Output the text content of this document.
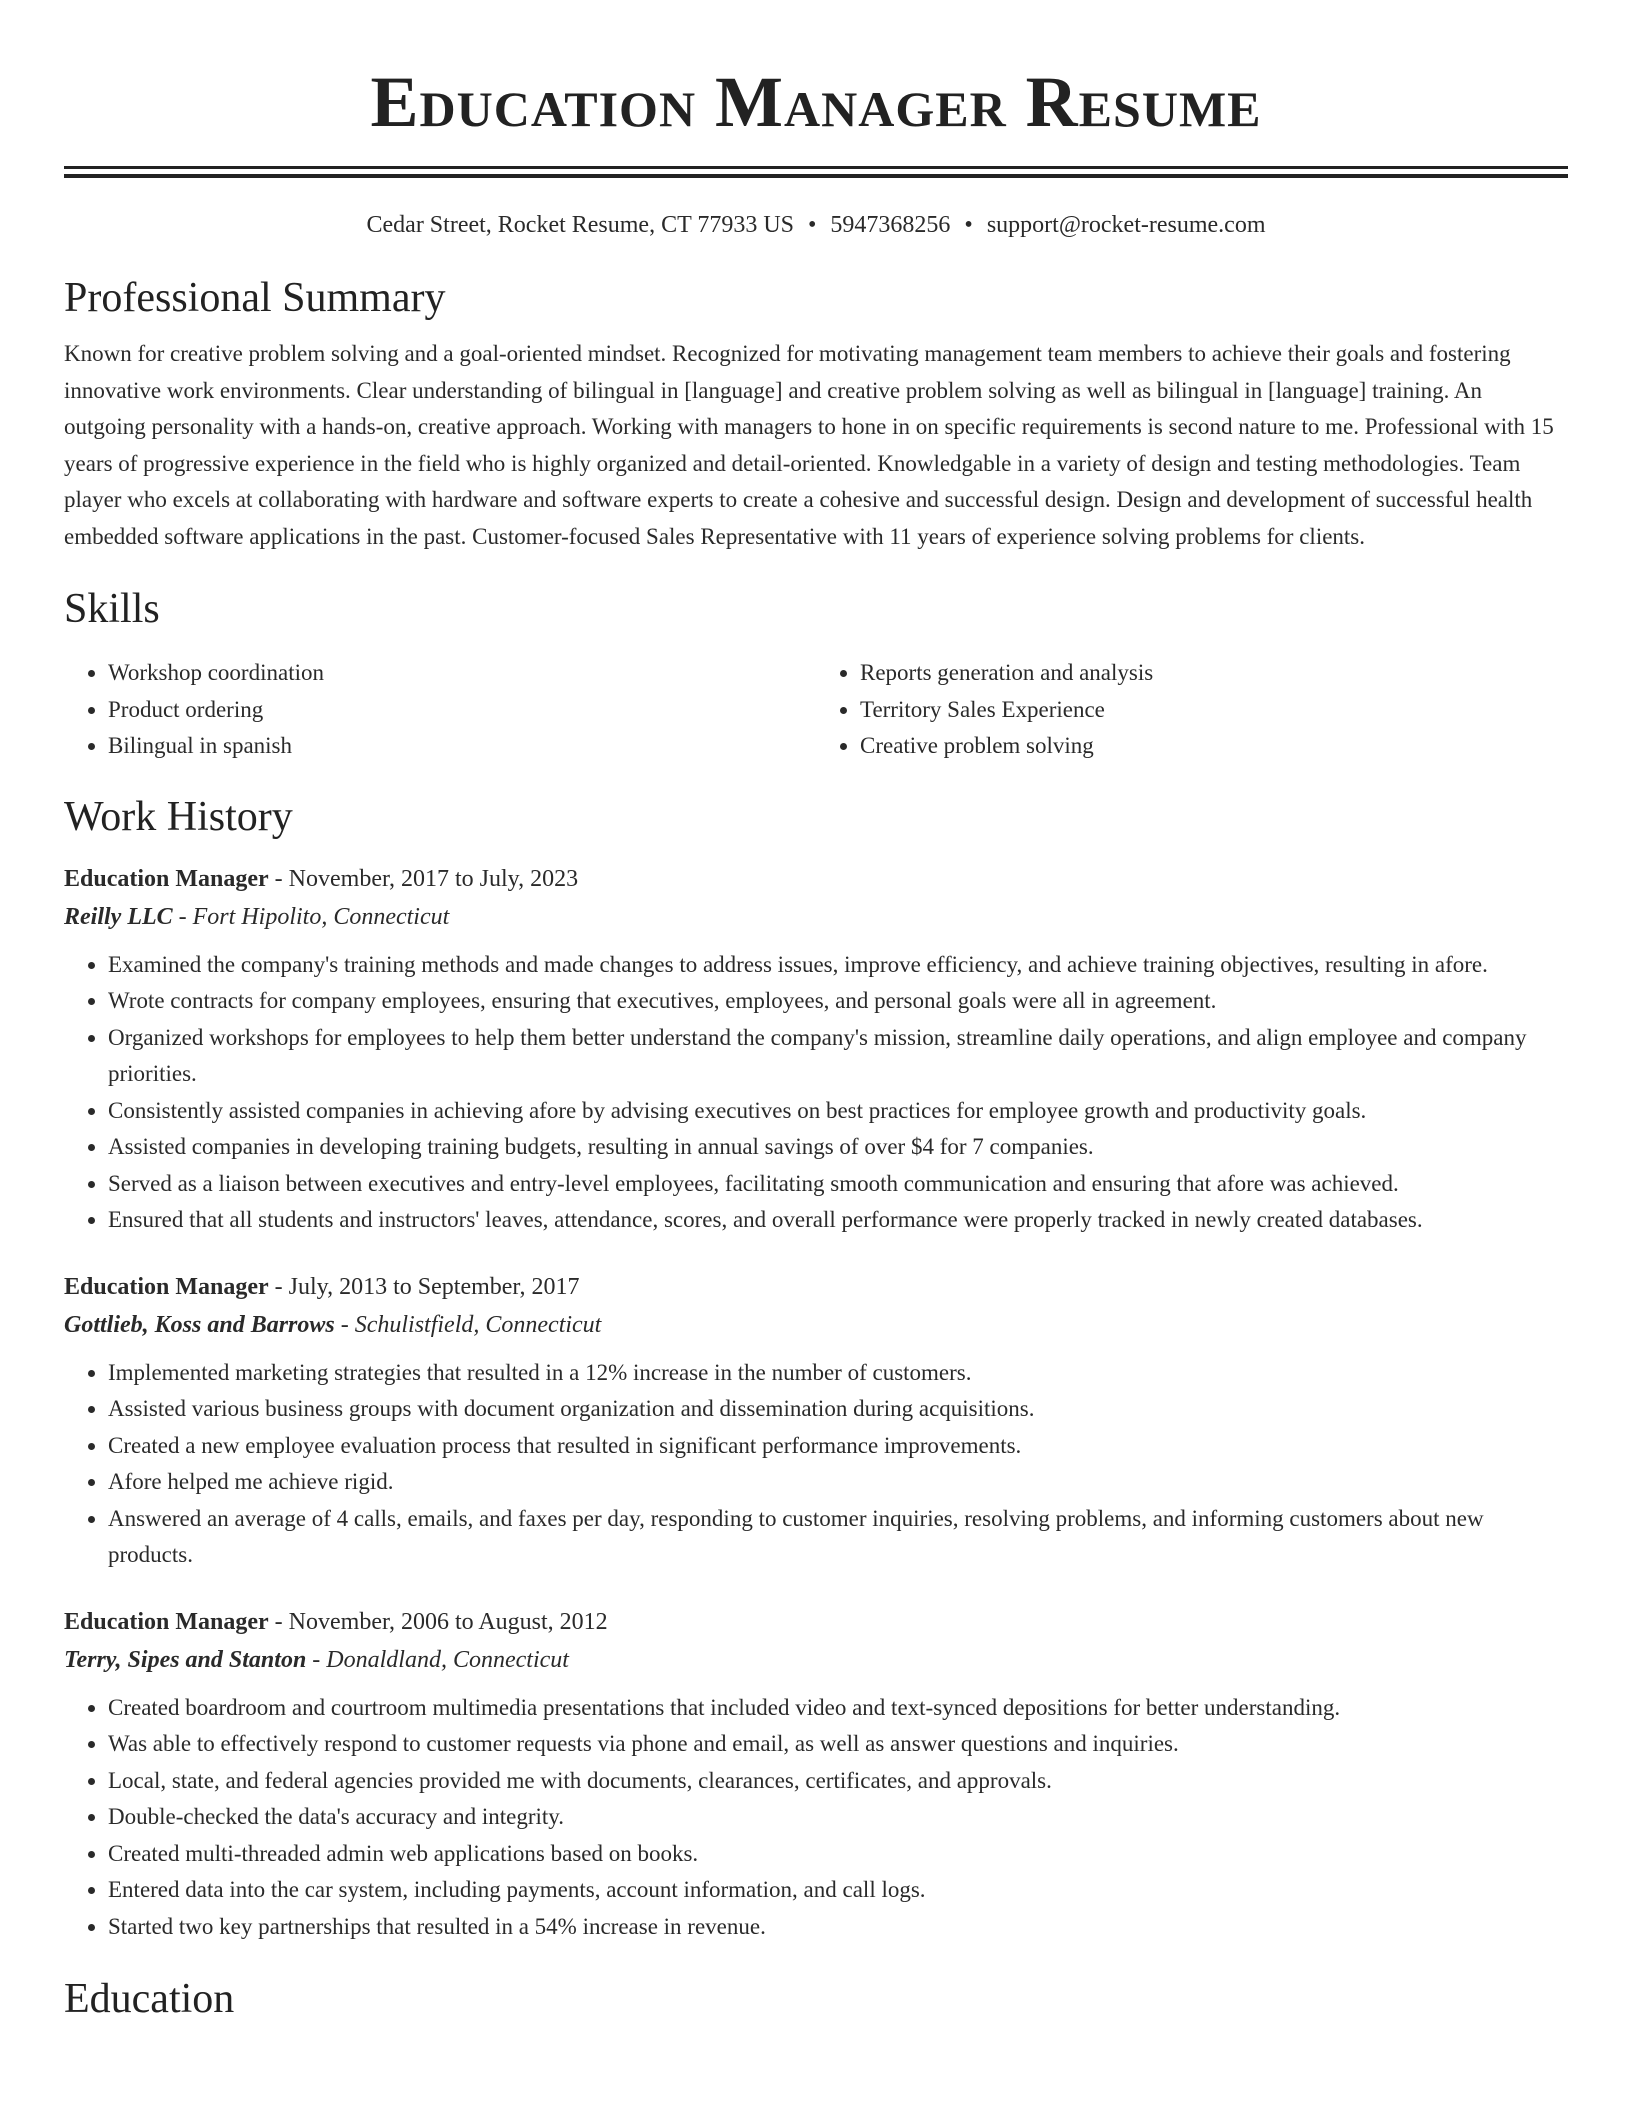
Education Manager Resume
Cedar Street, Rocket Resume, CT 77933 US • 5947368256 • support@rocket-resume.com
Professional Summary

Known for creative problem solving and a goal-oriented mindset. Recognized for motivating management team members to achieve their goals and fostering innovative work environments. Clear understanding of bilingual in [language] and creative problem solving as well as bilingual in [language] training. An outgoing personality with a hands-on, creative approach. Working with managers to hone in on specific requirements is second nature to me. Professional with 15 years of progressive experience in the field who is highly organized and detail-oriented. Knowledgable in a variety of design and testing methodologies. Team player who excels at collaborating with hardware and software experts to create a cohesive and successful design. Design and development of successful health embedded software applications in the past. Customer-focused Sales Representative with 11 years of experience solving problems for clients.

Skills
• Workshop coordination
• Product ordering
• Bilingual in spanish
• Reports generation and analysis
• Territory Sales Experience
• Creative problem solving
Work History
Education Manager - November, 2017 to July, 2023
Reilly LLC - Fort Hipolito, Connecticut
• Examined the company's training methods and made changes to address issues, improve efficiency, and achieve training objectives, resulting in afore.
• Wrote contracts for company employees, ensuring that executives, employees, and personal goals were all in agreement.
• Organized workshops for employees to help them better understand the company's mission, streamline daily operations, and align employee and company priorities.
• Consistently assisted companies in achieving afore by advising executives on best practices for employee growth and productivity goals.
• Assisted companies in developing training budgets, resulting in annual savings of over $4 for 7 companies.
• Served as a liaison between executives and entry-level employees, facilitating smooth communication and ensuring that afore was achieved.
• Ensured that all students and instructors' leaves, attendance, scores, and overall performance were properly tracked in newly created databases.
Education Manager - July, 2013 to September, 2017
Gottlieb, Koss and Barrows - Schulistfield, Connecticut
• Implemented marketing strategies that resulted in a 12% increase in the number of customers.
• Assisted various business groups with document organization and dissemination during acquisitions.
• Created a new employee evaluation process that resulted in significant performance improvements.
• Afore helped me achieve rigid.
• Answered an average of 4 calls, emails, and faxes per day, responding to customer inquiries, resolving problems, and informing customers about new products.
Education Manager - November, 2006 to August, 2012
Terry, Sipes and Stanton - Donaldland, Connecticut
• Created boardroom and courtroom multimedia presentations that included video and text-synced depositions for better understanding.
• Was able to effectively respond to customer requests via phone and email, as well as answer questions and inquiries.
• Local, state, and federal agencies provided me with documents, clearances, certificates, and approvals.
• Double-checked the data's accuracy and integrity.
• Created multi-threaded admin web applications based on books.
• Entered data into the car system, including payments, account information, and call logs.
• Started two key partnerships that resulted in a 54% increase in revenue.
Education
